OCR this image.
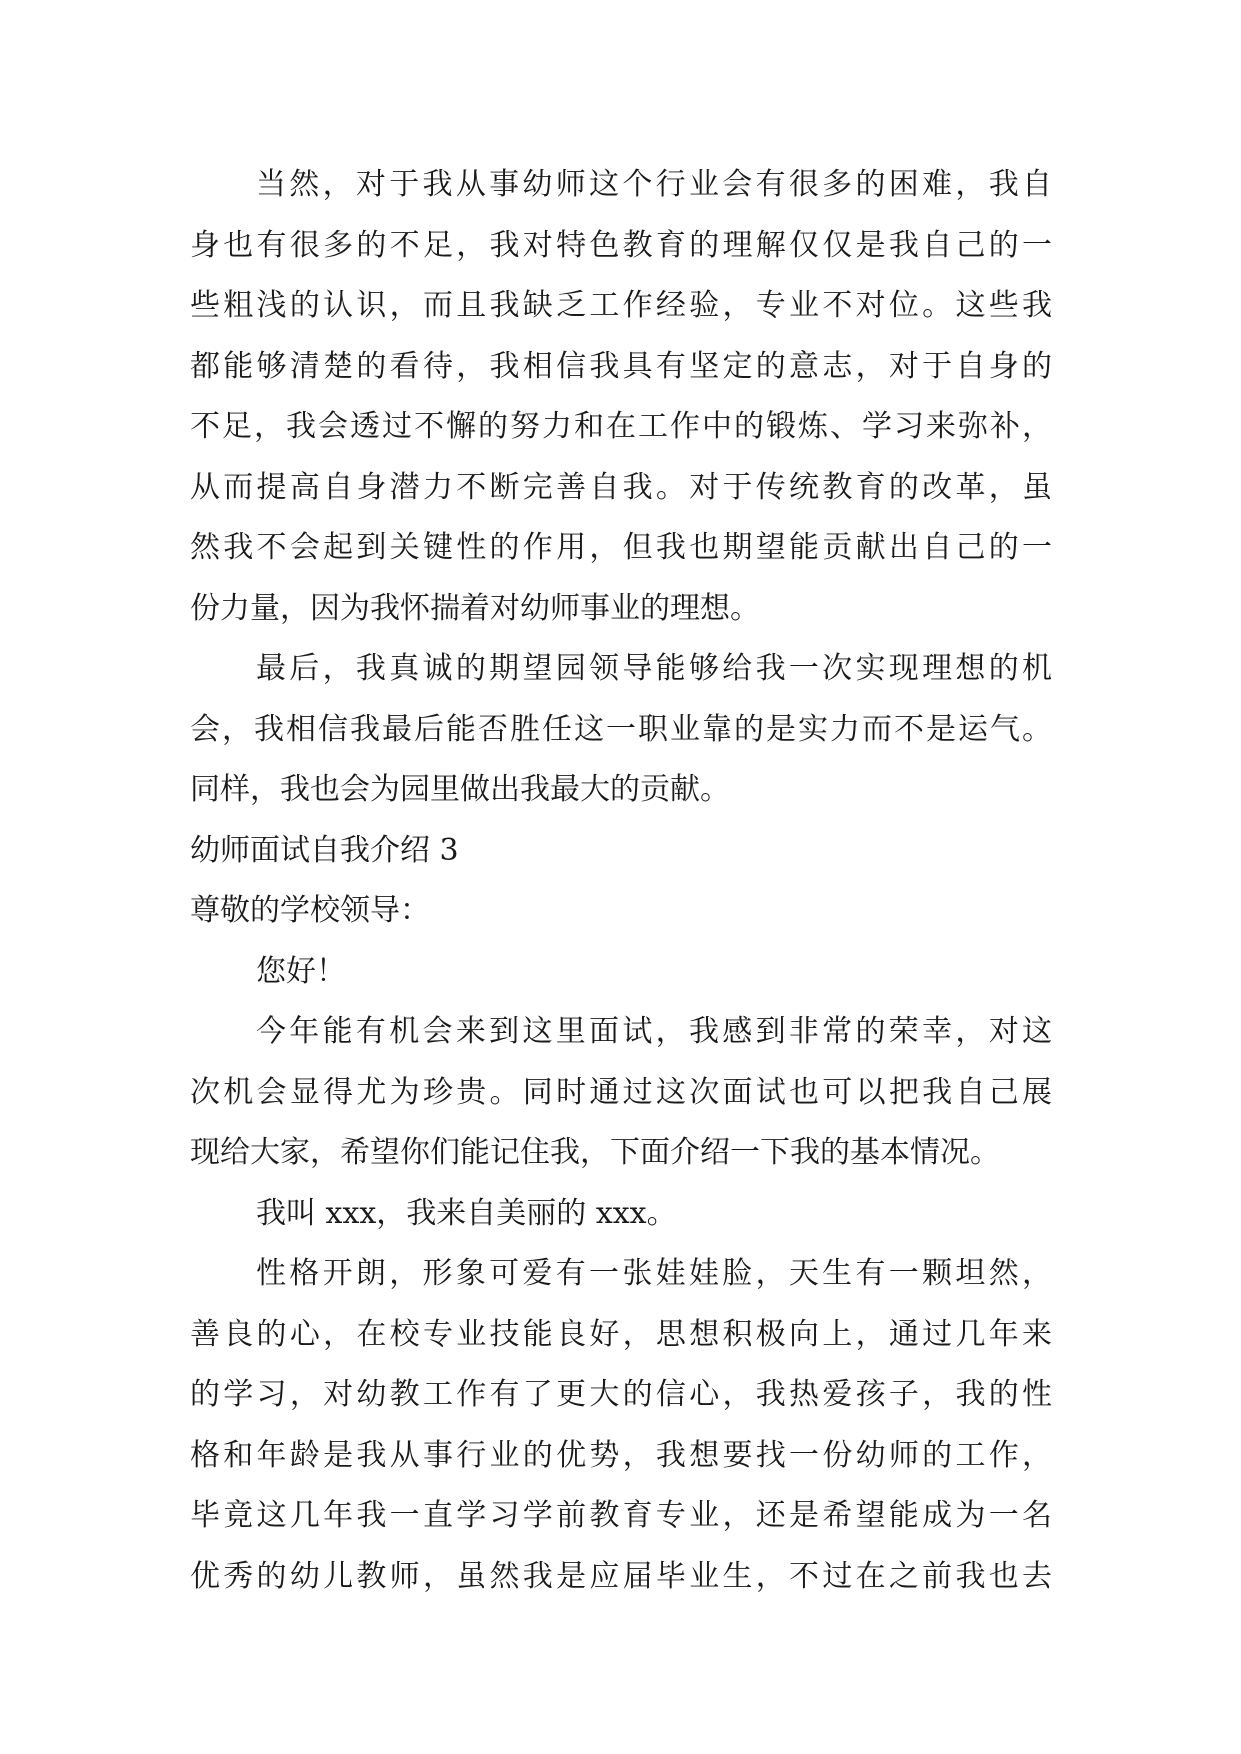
当然，对于我从事幼师这个行业会有很多的困难，我自
身也有很多的不足，我对特色教育的理解仅仅是我自己的一
些粗浅的认识，而且我缺乏工作经验，专业不对位。这些我
都能够清楚的看待，我相信我具有坚定的意志，对于自身的
不足，我会透过不懈的努力和在工作中的锻炼、学习来弥补，
从而提高自身潜力不断完善自我。对于传统教育的改革，虽
然我不会起到关键性的作用，但我也期望能贡献出自己的一
份力量，因为我怀揣着对幼师事业的理想。
最后，我真诚的期望园领导能够给我一次实现理想的机
会，我相信我最后能否胜任这一职业靠的是实力而不是运气。
同样，我也会为园里做出我最大的贡献。
幼师面试自我介绍 3
尊敬的学校领导：
您好！
今年能有机会来到这里面试，我感到非常的荣幸，对这
次机会显得尤为珍贵。同时通过这次面试也可以把我自己展
现给大家，希望你们能记住我，下面介绍一下我的基本情况。
我叫 xxx，我来自美丽的 xxx。
性格开朗，形象可爱有一张娃娃脸，天生有一颗坦然，
善良的心，在校专业技能良好，思想积极向上，通过几年来
的学习，对幼教工作有了更大的信心，我热爱孩子，我的性
格和年龄是我从事行业的优势，我想要找一份幼师的工作，
毕竟这几年我一直学习学前教育专业，还是希望能成为一名
优秀的幼儿教师，虽然我是应届毕业生，不过在之前我也去
